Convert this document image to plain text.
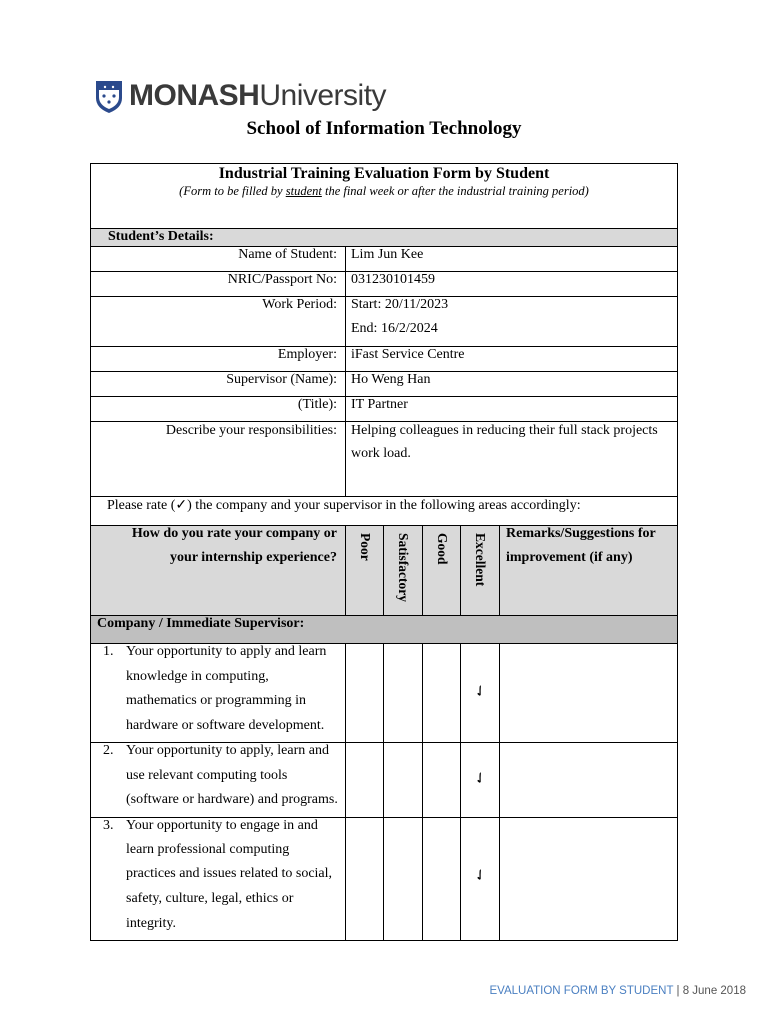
MONASHUniversity
School of Information Technology
Industrial Training Evaluation Form by Student
(Form to be filled by student the final week or after the industrial training period)
Student’s Details:
Name of Student: Lim Jun Kee
NRIC/Passport No: 031230101459
Work Period: Start: 20/11/2023
End: 16/2/2024
Employer: iFast Service Centre
Supervisor (Name): Ho Weng Han
(Title): IT Partner
Describe your responsibilities: Helping colleagues in reducing their full stack projects
work load.
Please rate (✓) the company and your supervisor in the following areas accordingly:
How do you rate your company or
your internship experience? Poor Satisfactory Good Excellent Remarks/Suggestions for
improvement (if any)
Company / Immediate Supervisor:
1. Your opportunity to apply and learn
knowledge in computing,
mathematics or programming in
hardware or software development.
✓
2. Your opportunity to apply, learn and
use relevant computing tools
(software or hardware) and programs.
✓
3. Your opportunity to engage in and
learn professional computing
practices and issues related to social,
safety, culture, legal, ethics or
integrity.
✓
EVALUATION FORM BY STUDENT | 8 June 2018
